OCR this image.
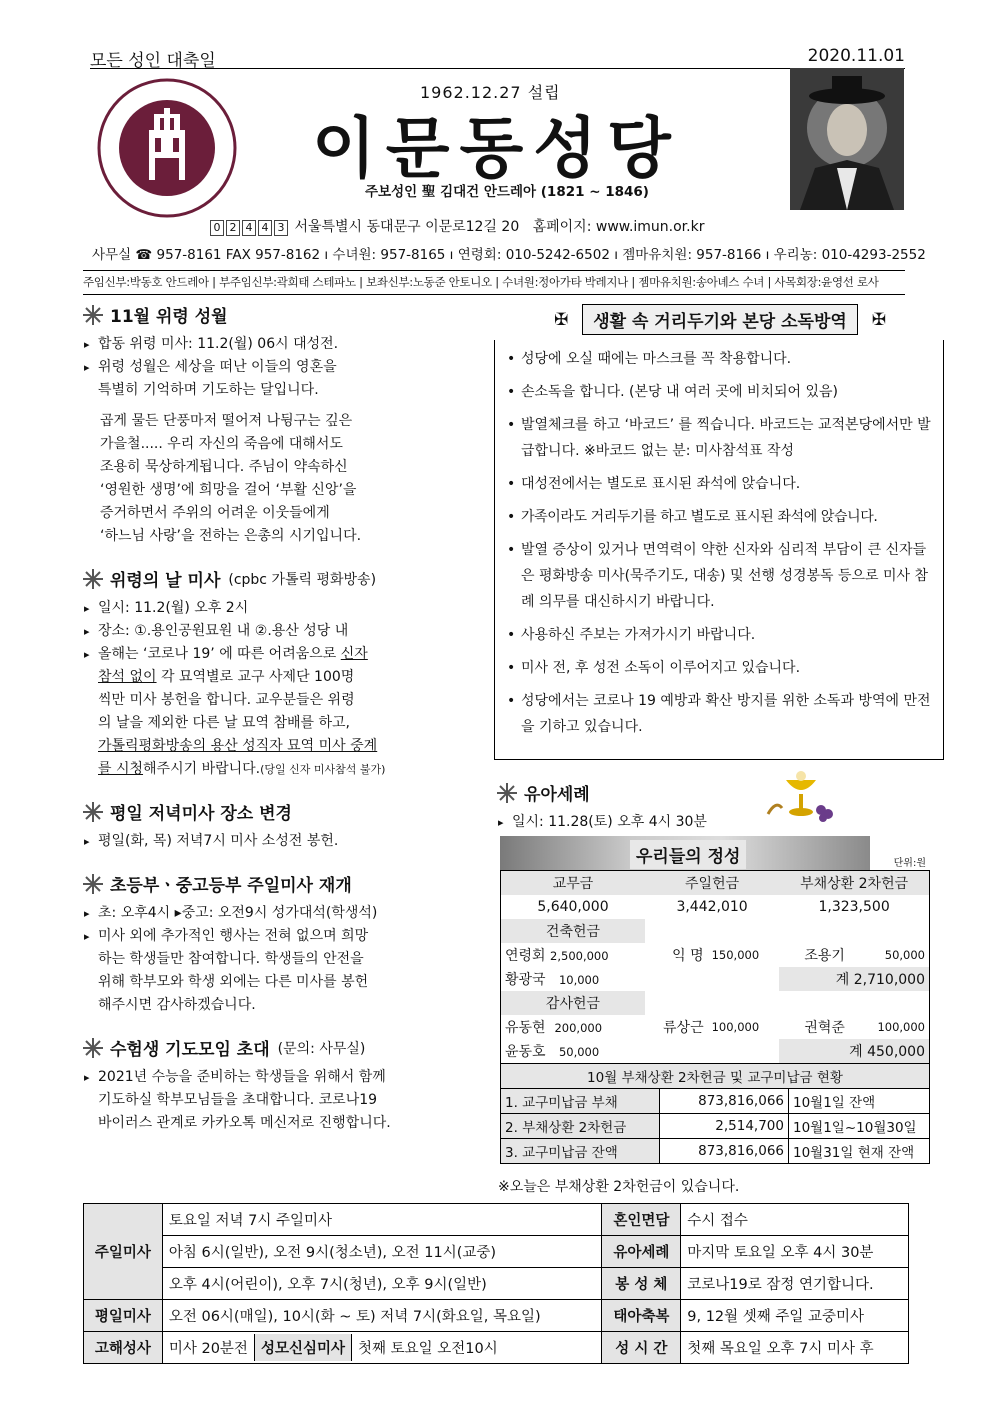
모든 성인 대축일	2020.11.01
1962.12.27 설립
이문동성당
주보성인 聖 김대건 안드레아 (1821 ~ 1846)
0 2 4 4 3 서울특별시 동대문구 이문로12길 20 홈페이지: www.imun.or.kr
사무실 ☎ 957-8161 FAX 957-8162 ı 수녀원: 957-8165 ı 연령회: 010-5242-6502 ı 젬마유치원: 957-8166 ı 우리농: 010-4293-2552
주임신부:박동호 안드레아 | 부주임신부:곽희태 스테파노 | 보좌신부:노동준 안토니오 | 수녀원:정아가타 박레지나 | 젬마유치원:송아녜스 수녀 | 사목회장:윤영선 로사
11월 위령 성월
▸ 합동 위령 미사: 11.2(월) 06시 대성전.
▸ 위령 성월은 세상을 떠난 이들의 영혼을
특별히 기억하며 기도하는 달입니다.
곱게 물든 단풍마저 떨어져 나뒹구는 깊은
가을철..... 우리 자신의 죽음에 대해서도
조용히 묵상하게됩니다. 주님이 약속하신
‘영원한 생명’에 희망을 걸어 ‘부활 신앙’을
증거하면서 주위의 어려운 이웃들에게
‘하느님 사랑’을 전하는 은총의 시기입니다.
위령의 날 미사 (cpbc 가톨릭 평화방송)
▸ 일시: 11.2(월) 오후 2시
▸ 장소: ①.용인공원묘원 내 ②.용산 성당 내
▸ 올해는 ‘코로나 19’ 에 따른 어려움으로 신자
참석 없이 각 묘역별로 교구 사제단 100명
씩만 미사 봉헌을 합니다. 교우분들은 위령
의 날을 제외한 다른 날 묘역 참배를 하고,
가톨릭평화방송의 용산 성직자 묘역 미사 중계
를 시청해주시기 바랍니다.(당일 신자 미사참석 불가)
평일 저녁미사 장소 변경
▸ 평일(화, 목) 저녁7시 미사 소성전 봉헌.
초등부ㆍ중고등부 주일미사 재개
▸ 초: 오후4시 ▸중고: 오전9시 성가대석(학생석)
▸ 미사 외에 추가적인 행사는 전혀 없으며 희망
하는 학생들만 참여합니다. 학생들의 안전을
위해 학부모와 학생 외에는 다른 미사를 봉헌
해주시면 감사하겠습니다.
수험생 기도모임 초대 (문의: 사무실)
▸ 2021년 수능을 준비하는 학생들을 위해서 함께
기도하실 학부모님들을 초대합니다. 코로나19
바이러스 관계로 카카오톡 메신저로 진행합니다.
✠	생활 속 거리두기와 본당 소독방역	✠
• 성당에 오실 때에는 마스크를 꼭 착용합니다.
• 손소독을 합니다. (본당 내 여러 곳에 비치되어 있음)
• 발열체크를 하고 ‘바코드’ 를 찍습니다. 바코드는 교적본당에서만 발급합니다. ※바코드 없는 분: 미사참석표 작성
• 대성전에서는 별도로 표시된 좌석에 앉습니다.
• 가족이라도 거리두기를 하고 별도로 표시된 좌석에 앉습니다.
• 발열 증상이 있거나 면역력이 약한 신자와 심리적 부담이 큰 신자들은 평화방송 미사(묵주기도, 대송) 및 선행 성경봉독 등으로 미사 참례 의무를 대신하시기 바랍니다.
• 사용하신 주보는 가져가시기 바랍니다.
• 미사 전, 후 성전 소독이 이루어지고 있습니다.
• 성당에서는 코로나 19 예방과 확산 방지를 위한 소독과 방역에 만전을 기하고 있습니다.
유아세례
▸ 일시: 11.28(토) 오후 4시 30분
우리들의 정성	단위:원
교무금	주일헌금		부채상환 2차헌금	
5,640,000	3,442,010		1,323,500	
건축헌금				
연령회 2,500,000	익 명	150,000	조용기	50,000
황광국 10,000			계 2,710,000	
감사헌금				
유동현 200,000	류상근	100,000	권혁준	100,000
윤동호 50,000			계 450,000	
10월 부채상환 2차헌금 및 교구미납금 현황		
1. 교구미납금 부채	873,816,066	10월1일 잔액
2. 부채상환 2차헌금	2,514,700	10월1일~10월30일
3. 교구미납금 잔액	873,816,066	10월31일 현재 잔액
※오늘은 부채상환 2차헌금이 있습니다.
주일미사	토요일 저녁 7시 주일미사	혼인면담	수시 접수
	아침 6시(일반), 오전 9시(청소년), 오전 11시(교중)	유아세례	마지막 토요일 오후 4시 30분
	오후 4시(어린이), 오후 7시(청년), 오후 9시(일반)	봉 성 체	코로나19로 잠정 연기합니다.
평일미사	오전 06시(매일), 10시(화 ~ 토) 저녁 7시(화요일, 목요일)	태아축복	9, 12월 셋째 주일 교중미사
고해성사	미사 20분전 성모신심미사 첫째 토요일 오전10시	성 시 간	첫째 목요일 오후 7시 미사 후
